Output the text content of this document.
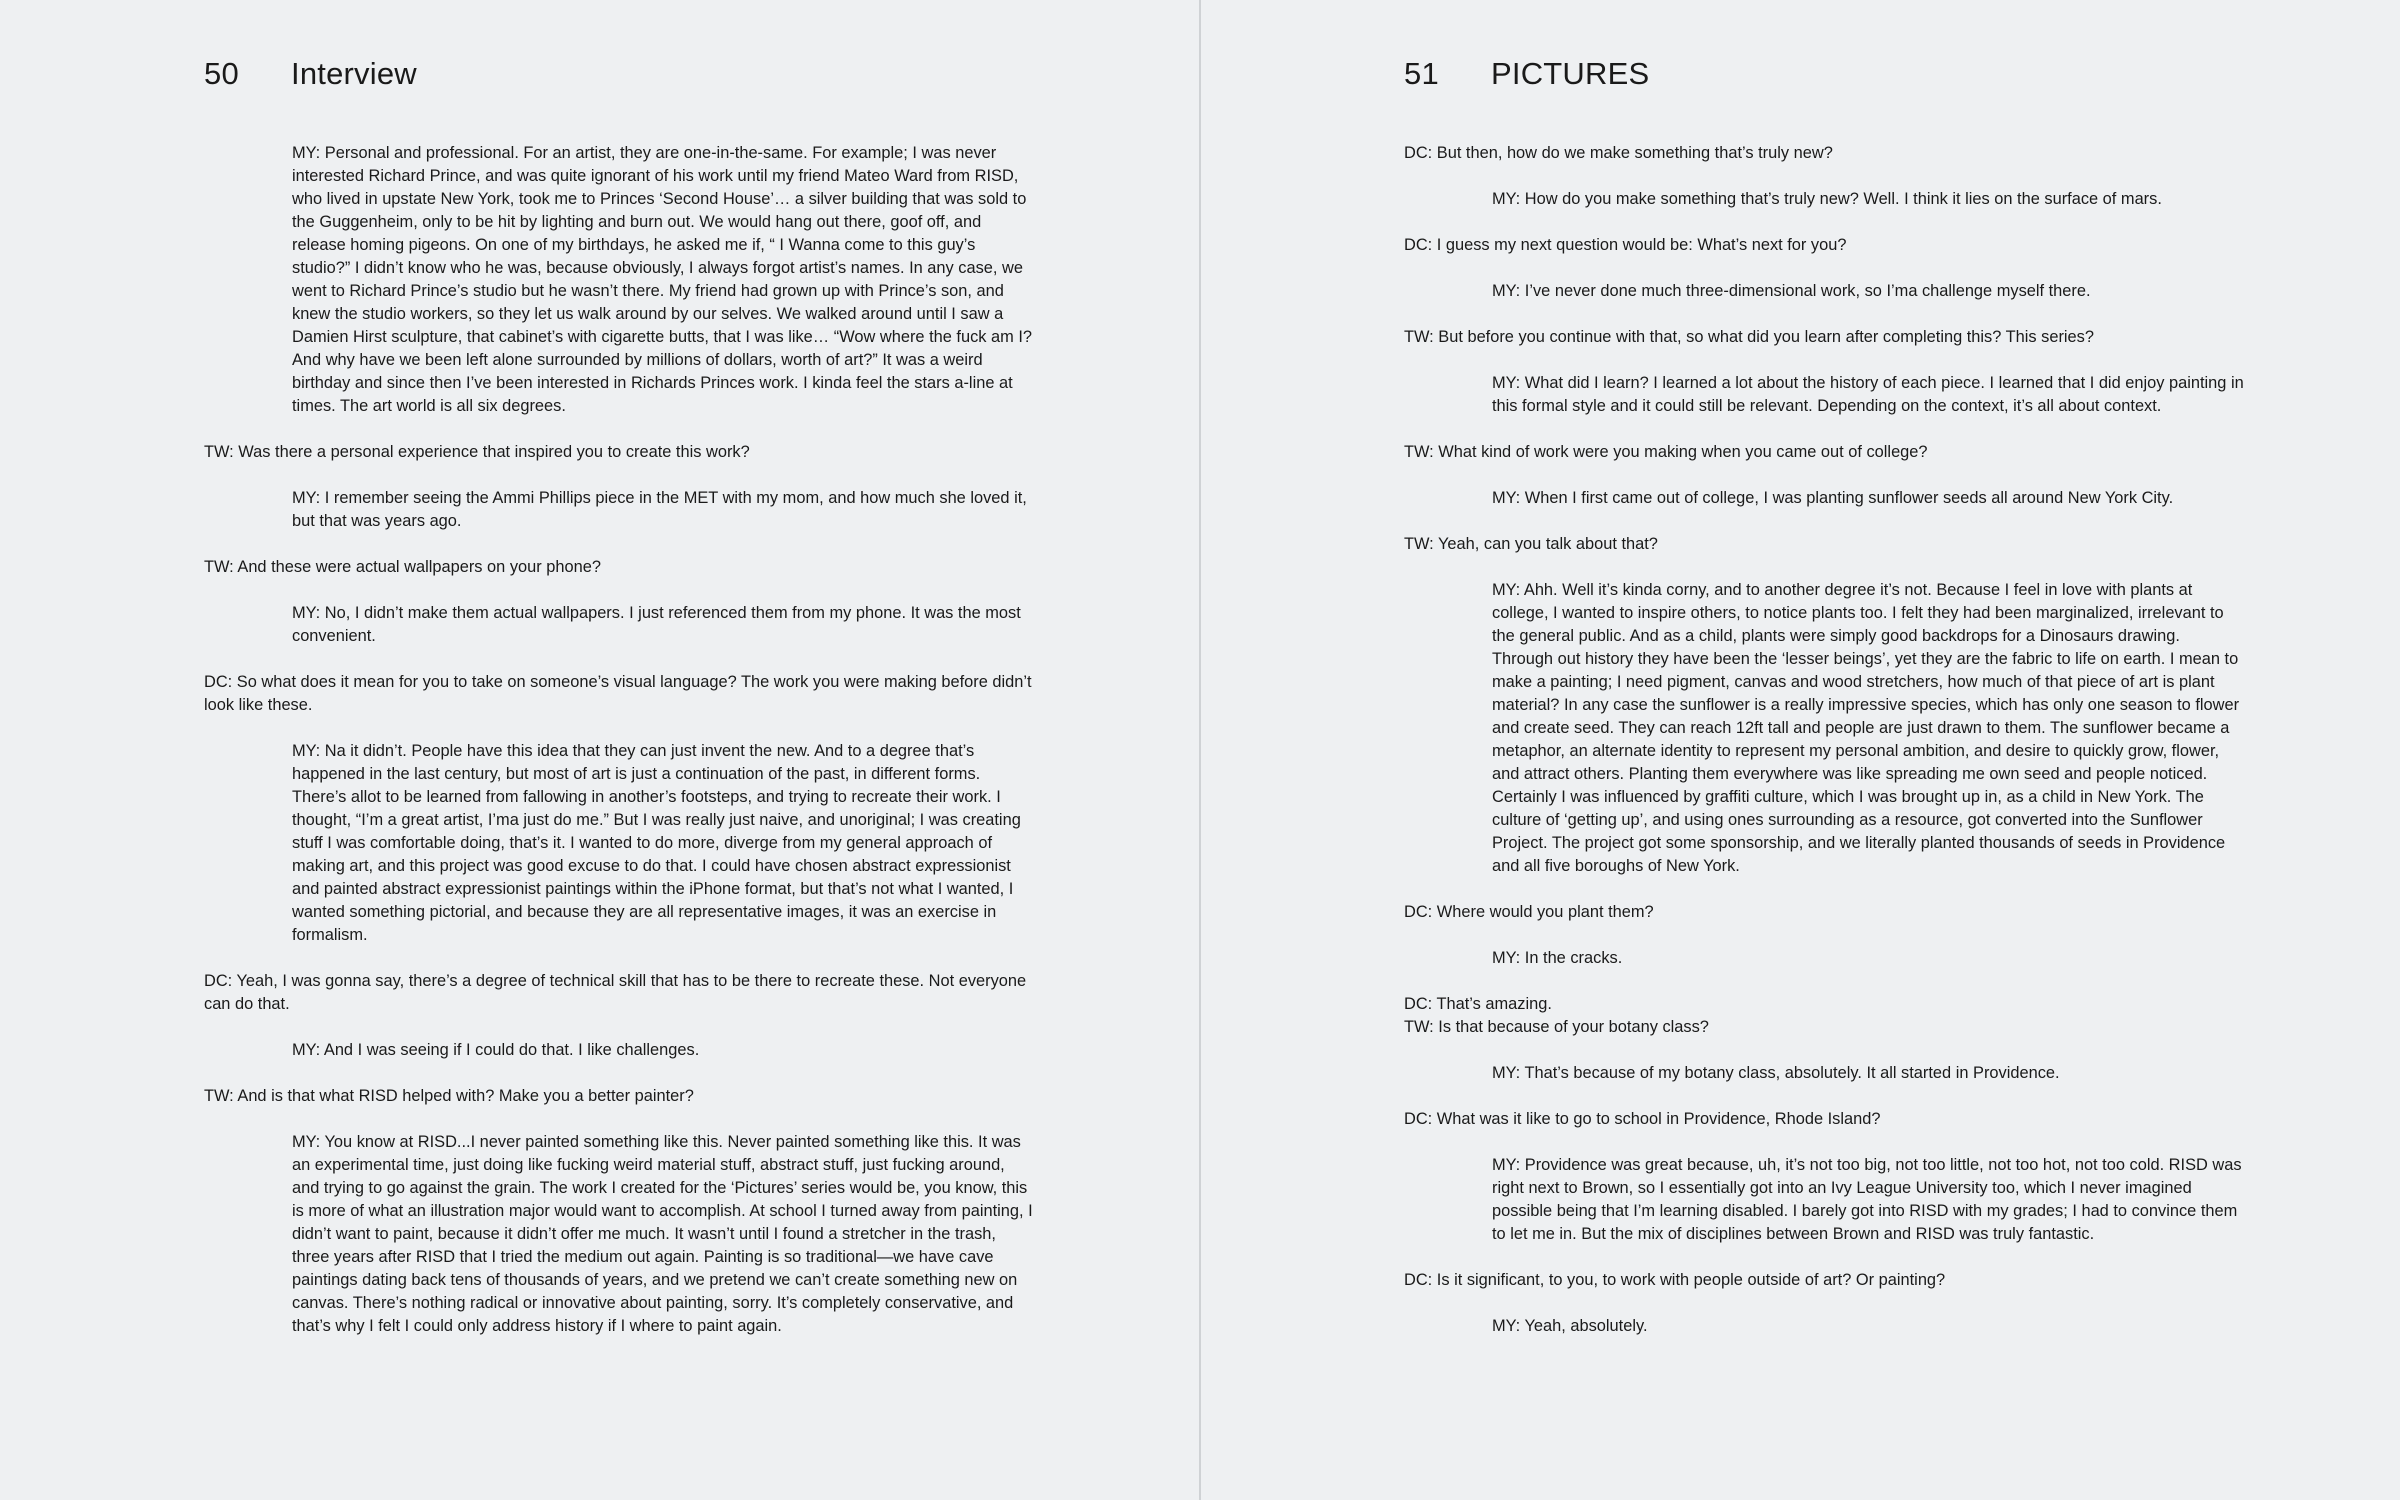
50 Interview

MY: Personal and professional. For an artist, they are one-in-the-same. For example; I was never interested Richard Prince, and was quite ignorant of his work until my friend Mateo Ward from RISD, who lived in upstate New York, took me to Princes ‘Second House’… a silver building that was sold to the Guggenheim, only to be hit by lighting and burn out. We would hang out there, goof off, and release homing pigeons. On one of my birthdays, he asked me if, “ I Wanna come to this guy’s studio?” I didn’t know who he was, because obviously, I always forgot artist’s names. In any case, we went to Richard Prince’s studio but he wasn’t there. My friend had grown up with Prince’s son, and knew the studio workers, so they let us walk around by our selves. We walked around until I saw a Damien Hirst sculpture, that cabinet’s with cigarette butts, that I was like… “Wow where the fuck am I? And why have we been left alone surrounded by millions of dollars, worth of art?” It was a weird birthday and since then I’ve been interested in Richards Princes work. I kinda feel the stars a-line at times. The art world is all six degrees.

TW: Was there a personal experience that inspired you to create this work?

MY: I remember seeing the Ammi Phillips piece in the MET with my mom, and how much she loved it, but that was years ago.

TW: And these were actual wallpapers on your phone?

MY: No, I didn’t make them actual wallpapers. I just referenced them from my phone. It was the most convenient.

DC: So what does it mean for you to take on someone’s visual language? The work you were making before didn’t look like these.

MY: Na it didn’t. People have this idea that they can just invent the new. And to a degree that’s happened in the last century, but most of art is just a continuation of the past, in different forms. There’s allot to be learned from fallowing in another’s footsteps, and trying to recreate their work. I thought, “I’m a great artist, I’ma just do me.” But I was really just naive, and unoriginal; I was creating stuff I was comfortable doing, that’s it. I wanted to do more, diverge from my general approach of making art, and this project was good excuse to do that. I could have chosen abstract expressionist and painted abstract expressionist paintings within the iPhone format, but that’s not what I wanted, I wanted something pictorial, and because they are all representative images, it was an exercise in formalism.

DC: Yeah, I was gonna say, there’s a degree of technical skill that has to be there to recreate these. Not everyone can do that.

MY: And I was seeing if I could do that. I like challenges.

TW: And is that what RISD helped with? Make you a better painter?

MY: You know at RISD...I never painted something like this. Never painted something like this. It was an experimental time, just doing like fucking weird material stuff, abstract stuff, just fucking around, and trying to go against the grain. The work I created for the ‘Pictures’ series would be, you know, this is more of what an illustration major would want to accomplish. At school I turned away from painting, I didn’t want to paint, because it didn’t offer me much. It wasn’t until I found a stretcher in the trash, three years after RISD that I tried the medium out again. Painting is so traditional—we have cave paintings dating back tens of thousands of years, and we pretend we can’t create something new on canvas. There’s nothing radical or innovative about painting, sorry. It’s completely conservative, and that’s why I felt I could only address history if I where to paint again.

51 PICTURES

DC: But then, how do we make something that’s truly new?

MY: How do you make something that’s truly new? Well. I think it lies on the surface of mars.

DC: I guess my next question would be: What’s next for you?

MY: I’ve never done much three-dimensional work, so I’ma challenge myself there.

TW: But before you continue with that, so what did you learn after completing this? This series?

MY: What did I learn? I learned a lot about the history of each piece. I learned that I did enjoy painting in this formal style and it could still be relevant. Depending on the context, it’s all about context.

TW: What kind of work were you making when you came out of college?

MY: When I first came out of college, I was planting sunflower seeds all around New York City.

TW: Yeah, can you talk about that?

MY: Ahh. Well it’s kinda corny, and to another degree it’s not. Because I feel in love with plants at college, I wanted to inspire others, to notice plants too. I felt they had been marginalized, irrelevant to the general public. And as a child, plants were simply good backdrops for a Dinosaurs drawing. Through out history they have been the ‘lesser beings’, yet they are the fabric to life on earth. I mean to make a painting; I need pigment, canvas and wood stretchers, how much of that piece of art is plant material? In any case the sunflower is a really impressive species, which has only one season to flower and create seed. They can reach 12ft tall and people are just drawn to them. The sunflower became a metaphor, an alternate identity to represent my personal ambition, and desire to quickly grow, flower, and attract others. Planting them everywhere was like spreading me own seed and people noticed. Certainly I was influenced by graffiti culture, which I was brought up in, as a child in New York. The culture of ‘getting up’, and using ones surrounding as a resource, got converted into the Sunflower Project. The project got some sponsorship, and we literally planted thousands of seeds in Providence and all five boroughs of New York.

DC: Where would you plant them?

MY: In the cracks.

DC: That’s amazing.
TW: Is that because of your botany class?

MY: That’s because of my botany class, absolutely. It all started in Providence.

DC: What was it like to go to school in Providence, Rhode Island?

MY: Providence was great because, uh, it’s not too big, not too little, not too hot, not too cold. RISD was right next to Brown, so I essentially got into an Ivy League University too, which I never imagined possible being that I’m learning disabled. I barely got into RISD with my grades; I had to convince them to let me in. But the mix of disciplines between Brown and RISD was truly fantastic.

DC: Is it significant, to you, to work with people outside of art? Or painting?

MY: Yeah, absolutely.
